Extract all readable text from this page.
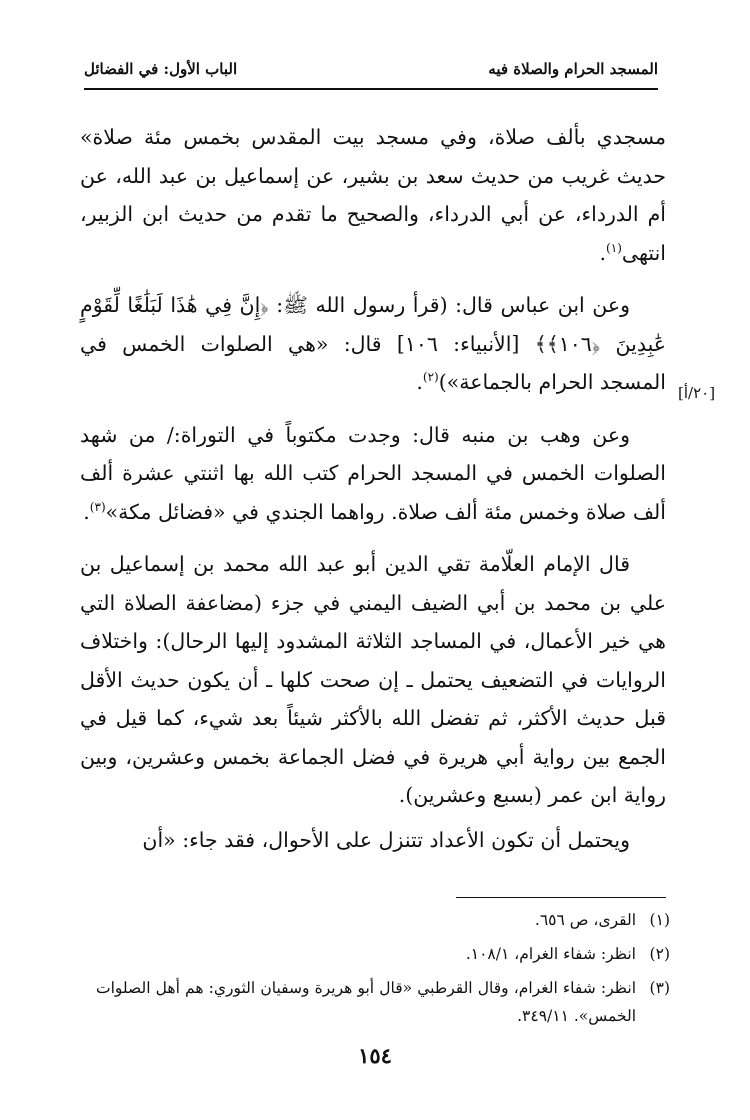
المسجد الحرام والصلاة فيه
الباب الأول: في الفضائل
[٢٠/أ]

مسجدي بألف صلاة، وفي مسجد بيت المقدس بخمس مئة صلاة» حديث غريب من حديث سعد بن بشير، عن إسماعيل بن عبد الله، عن أم الدرداء، عن أبي الدرداء، والصحيح ما تقدم من حديث ابن الزبير، انتهى$^{(١)}$.

وعن ابن عباس قال: (قرأ رسول الله ﷺ: ﴿إِنَّ فِي هَٰذَا لَبَلَٰغًا لِّقَوْمٍ عَٰبِدِينَ ﴿١٠٦﴾﴾ [الأنبياء: ١٠٦] قال: «هي الصلوات الخمس في المسجد الحرام بالجماعة»)$^{(٢)}$.

وعن وهب بن منبه قال: وجدت مكتوباً في التوراة:/ من شهد الصلوات الخمس في المسجد الحرام كتب الله بها اثنتي عشرة ألف ألف صلاة وخمس مئة ألف صلاة. رواهما الجندي في «فضائل مكة»$^{(٣)}$.

قال الإمام العلّامة تقي الدين أبو عبد الله محمد بن إسماعيل بن علي بن محمد بن أبي الضيف اليمني في جزء (مضاعفة الصلاة التي هي خير الأعمال، في المساجد الثلاثة المشدود إليها الرحال): واختلاف الروايات في التضعيف يحتمل ـ إن صحت كلها ـ أن يكون حديث الأقل قبل حديث الأكثر، ثم تفضل الله بالأكثر شيئاً بعد شيء، كما قيل في الجمع بين رواية أبي هريرة في فضل الجماعة بخمس وعشرين، وبين رواية ابن عمر (بسبع وعشرين).

ويحتمل أن تكون الأعداد تتنزل على الأحوال، فقد جاء: «أن

(١)
القرى، ص ٦٥٦.
(٢)
انظر: شفاء الغرام، ١٠٨/١.
(٣)
انظر: شفاء الغرام، وقال القرطبي «قال أبو هريرة وسفيان الثوري: هم أهل الصلوات الخمس». ٣٤٩/١١.
١٥٤
